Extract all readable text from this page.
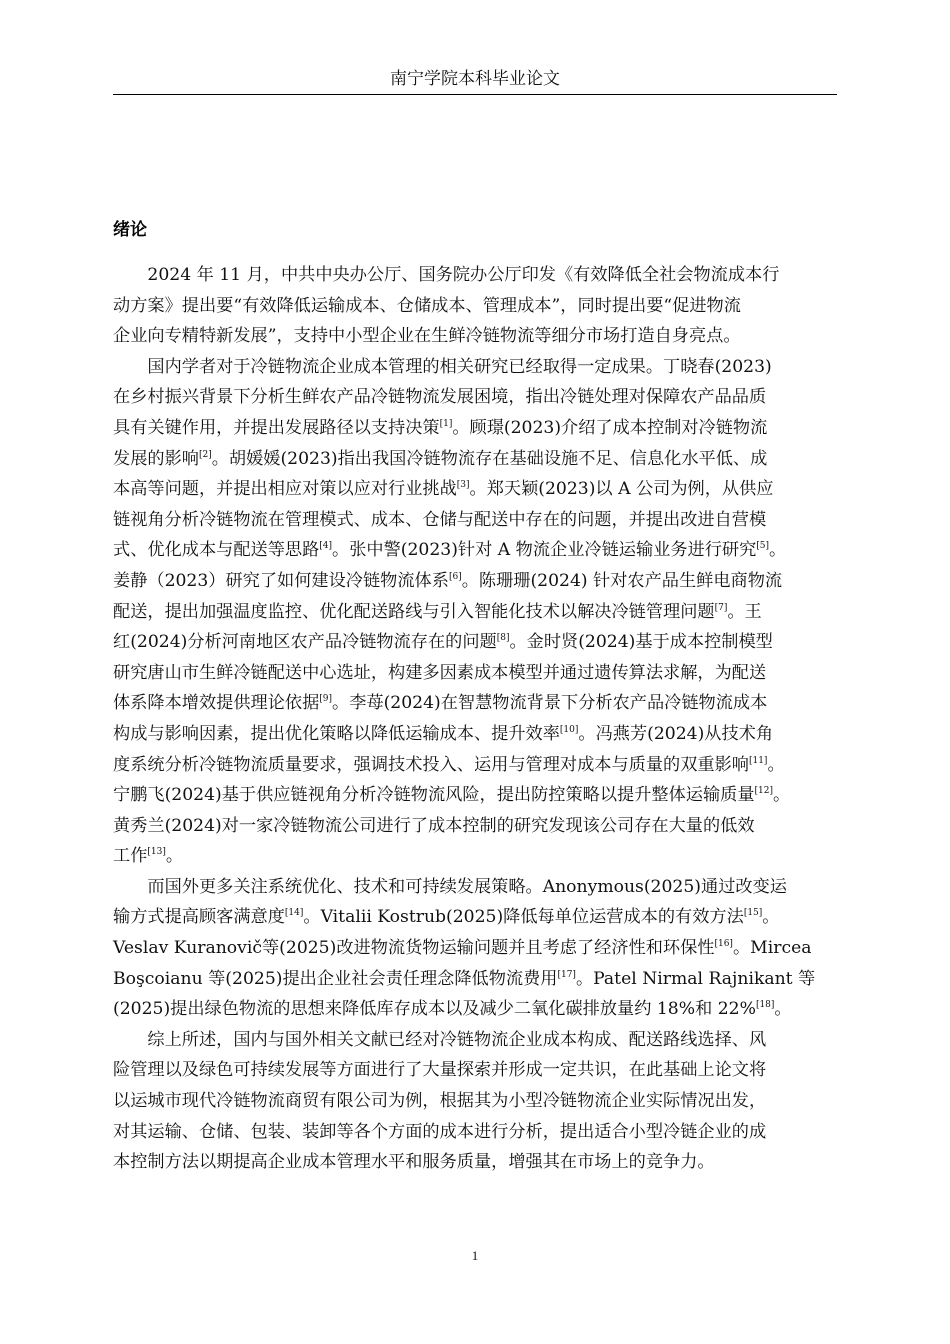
南宁学院本科毕业论文
绪论

2024 年 11 月，中共中央办公厅、国务院办公厅印发《有效降低全社会物流成本行
动方案》提出要“有效降低运输成本、仓储成本、管理成本”，同时提出要“促进物流
企业向专精特新发展”，支持中小型企业在生鲜冷链物流等细分市场打造自身亮点。

国内学者对于冷链物流企业成本管理的相关研究已经取得一定成果。丁晓春(2023)
在乡村振兴背景下分析生鲜农产品冷链物流发展困境，指出冷链处理对保障农产品品质
具有关键作用，并提出发展路径以支持决策[1]。顾璟(2023)介绍了成本控制对冷链物流
发展的影响[2]。胡媛媛(2023)指出我国冷链物流存在基础设施不足、信息化水平低、成
本高等问题，并提出相应对策以应对行业挑战[3]。郑天颖(2023)以 A 公司为例，从供应
链视角分析冷链物流在管理模式、成本、仓储与配送中存在的问题，并提出改进自营模
式、优化成本与配送等思路[4]。张中警(2023)针对 A 物流企业冷链运输业务进行研究[5]。
姜静（2023）研究了如何建设冷链物流体系[6]。陈珊珊(2024) 针对农产品生鲜电商物流
配送，提出加强温度监控、优化配送路线与引入智能化技术以解决冷链管理问题[7]。王
红(2024)分析河南地区农产品冷链物流存在的问题[8]。金时贤(2024)基于成本控制模型
研究唐山市生鲜冷链配送中心选址，构建多因素成本模型并通过遗传算法求解，为配送
体系降本增效提供理论依据[9]。李苺(2024)在智慧物流背景下分析农产品冷链物流成本
构成与影响因素，提出优化策略以降低运输成本、提升效率[10]。冯燕芳(2024)从技术角
度系统分析冷链物流质量要求，强调技术投入、运用与管理对成本与质量的双重影响[11]。
宁鹏飞(2024)基于供应链视角分析冷链物流风险，提出防控策略以提升整体运输质量[12]。
黄秀兰(2024)对一家冷链物流公司进行了成本控制的研究发现该公司存在大量的低效
工作[13]。

而国外更多关注系统优化、技术和可持续发展策略。Anonymous(2025)通过改变运
输方式提高顾客满意度[14]。Vitalii Kostrub(2025)降低每单位运营成本的有效方法[15]。
Veslav Kuranovič等(2025)改进物流货物运输问题并且考虑了经济性和环保性[16]。Mircea
Boşcoianu 等(2025)提出企业社会责任理念降低物流费用[17]。Patel Nirmal Rajnikant 等
(2025)提出绿色物流的思想来降低库存成本以及减少二氧化碳排放量约 18%和 22%[18]。

综上所述，国内与国外相关文献已经对冷链物流企业成本构成、配送路线选择、风
险管理以及绿色可持续发展等方面进行了大量探索并形成一定共识，在此基础上论文将
以运城市现代冷链物流商贸有限公司为例，根据其为小型冷链物流企业实际情况出发，
对其运输、仓储、包装、装卸等各个方面的成本进行分析，提出适合小型冷链企业的成
本控制方法以期提高企业成本管理水平和服务质量，增强其在市场上的竞争力。

1
